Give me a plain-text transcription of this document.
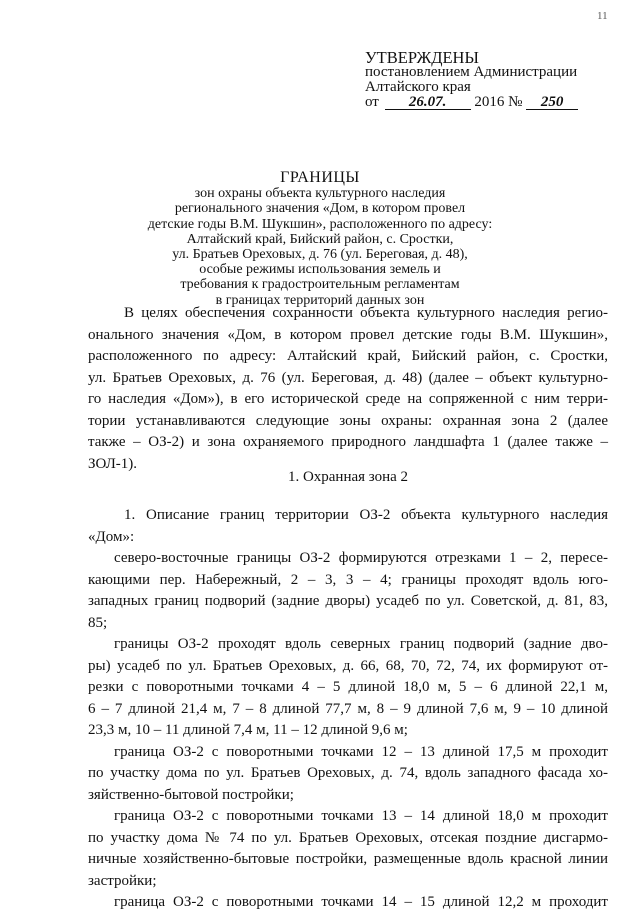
11
УТВЕРЖДЕНЫ
постановлением Администрации
Алтайского края
от 26.07. 2016 № 250
ГРАНИЦЫ
зон охраны объекта культурного наследия
регионального значения «Дом, в котором провел
детские годы В.М. Шукшин», расположенного по адресу:
Алтайский край, Бийский район, с. Сростки,
ул. Братьев Ореховых, д. 76 (ул. Береговая, д. 48),
особые режимы использования земель и
требования к градостроительным регламентам
в границах территорий данных зон
В целях обеспечения сохранности объекта культурного наследия регио-
онального значения «Дом, в котором провел детские годы В.М. Шукшин»,
расположенного по адресу: Алтайский край, Бийский район, с. Сростки,
ул. Братьев Ореховых, д. 76 (ул. Береговая, д. 48) (далее – объект культурно-
го наследия «Дом»), в его исторической среде на сопряженной с ним терри-
тории устанавливаются следующие зоны охраны: охранная зона 2 (далее
также – ОЗ-2) и зона охраняемого природного ландшафта 1 (далее также –
ЗОЛ-1).
1. Охранная зона 2
1. Описание границ территории ОЗ-2 объекта культурного наследия
«Дом»:
северо-восточные границы ОЗ-2 формируются отрезками 1 – 2, пересе-
кающими пер. Набережный, 2 – 3, 3 – 4; границы проходят вдоль юго-
западных границ подворий (задние дворы) усадеб по ул. Советской, д. 81, 83,
85;
границы ОЗ-2 проходят вдоль северных границ подворий (задние дво-
ры) усадеб по ул. Братьев Ореховых, д. 66, 68, 70, 72, 74, их формируют от-
резки с поворотными точками 4 – 5 длиной 18,0 м, 5 – 6 длиной 22,1 м,
6 – 7 длиной 21,4 м, 7 – 8 длиной 77,7 м, 8 – 9 длиной 7,6 м, 9 – 10 длиной
23,3 м, 10 – 11 длиной 7,4 м, 11 – 12 длиной 9,6 м;
граница ОЗ-2 с поворотными точками 12 – 13 длиной 17,5 м проходит
по участку дома по ул. Братьев Ореховых, д. 74, вдоль западного фасада хо-
зяйственно-бытовой постройки;
граница ОЗ-2 с поворотными точками 13 – 14 длиной 18,0 м проходит
по участку дома № 74 по ул. Братьев Ореховых, отсекая поздние дисгармо-
ничные хозяйственно-бытовые постройки, размещенные вдоль красной линии
застройки;
граница ОЗ-2 с поворотными точками 14 – 15 длиной 12,2 м проходит
